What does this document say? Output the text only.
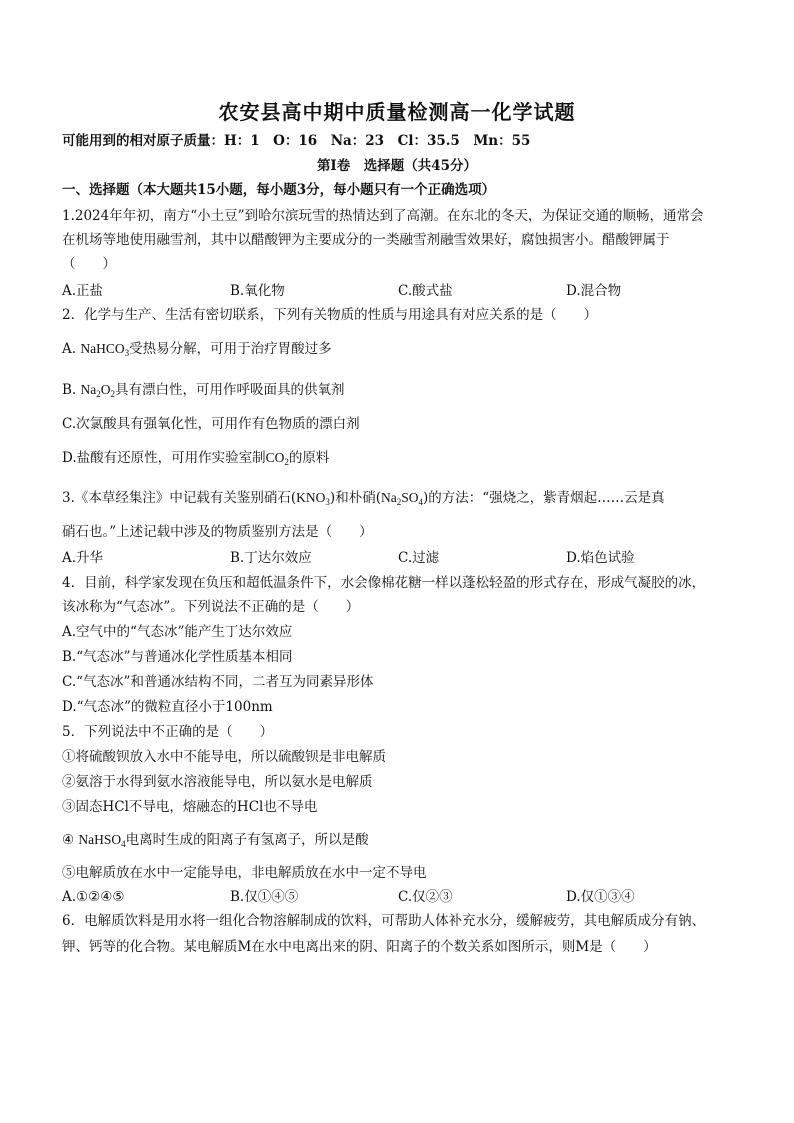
农安县高中期中质量检测高一化学试题
可能用到的相对原子质量：H：1　O：16　Na：23　Cl：35.5　Mn：55
第Ⅰ卷　选择题（共45分）
一、选择题（本大题共15小题，每小题3分，每小题只有一个正确选项）
1.2024年年初，南方“小土豆”到哈尔滨玩雪的热情达到了高潮。在东北的冬天，为保证交通的顺畅，通常会
在机场等地使用融雪剂，其中以醋酸钾为主要成分的一类融雪剂融雪效果好，腐蚀损害小。醋酸钾属于
（　　）
A.正盐	B.氧化物	C.酸式盐	D.混合物
2．化学与生产、生活有密切联系，下列有关物质的性质与用途具有对应关系的是（　　）
A. NaHCO$_3$受热易分解，可用于治疗胃酸过多
B. $Na_2O_2$具有漂白性，可用作呼吸面具的供氧剂
C.次氯酸具有强氧化性，可用作有色物质的漂白剂
D.盐酸有还原性，可用作实验室制$CO_2$的原料
3.《本草经集注》中记载有关鉴别硝石$(KNO_3)$和朴硝$(Na_2SO_4)$的方法：“强烧之，紫青烟起……云是真
硝石也。”上述记载中涉及的物质鉴别方法是（　　）
A.升华	B.丁达尔效应	C.过滤	D.焰色试验
4．目前，科学家发现在负压和超低温条件下，水会像棉花糖一样以蓬松轻盈的形式存在，形成气凝胶的冰，
该冰称为“气态冰”。下列说法不正确的是（　　）
A.空气中的“气态冰”能产生丁达尔效应
B.“气态冰”与普通冰化学性质基本相同
C.“气态冰”和普通冰结构不同，二者互为同素异形体
D.“气态冰”的微粒直径小于100nm
5．下列说法中不正确的是（　　）
①将硫酸钡放入水中不能导电，所以硫酸钡是非电解质
②氨溶于水得到氨水溶液能导电，所以氨水是电解质
③固态HCl不导电，熔融态的HCl也不导电
④ NaHSO$_4$电离时生成的阳离子有氢离子，所以是酸
⑤电解质放在水中一定能导电，非电解质放在水中一定不导电
A.①②④⑤	B.仅①④⑤	C.仅②③	D.仅①③④
6．电解质饮料是用水将一组化合物溶解制成的饮料，可帮助人体补充水分，缓解疲劳，其电解质成分有钠、
钾、钙等的化合物。某电解质M在水中电离出来的阴、阳离子的个数关系如图所示，则M是（　　）
